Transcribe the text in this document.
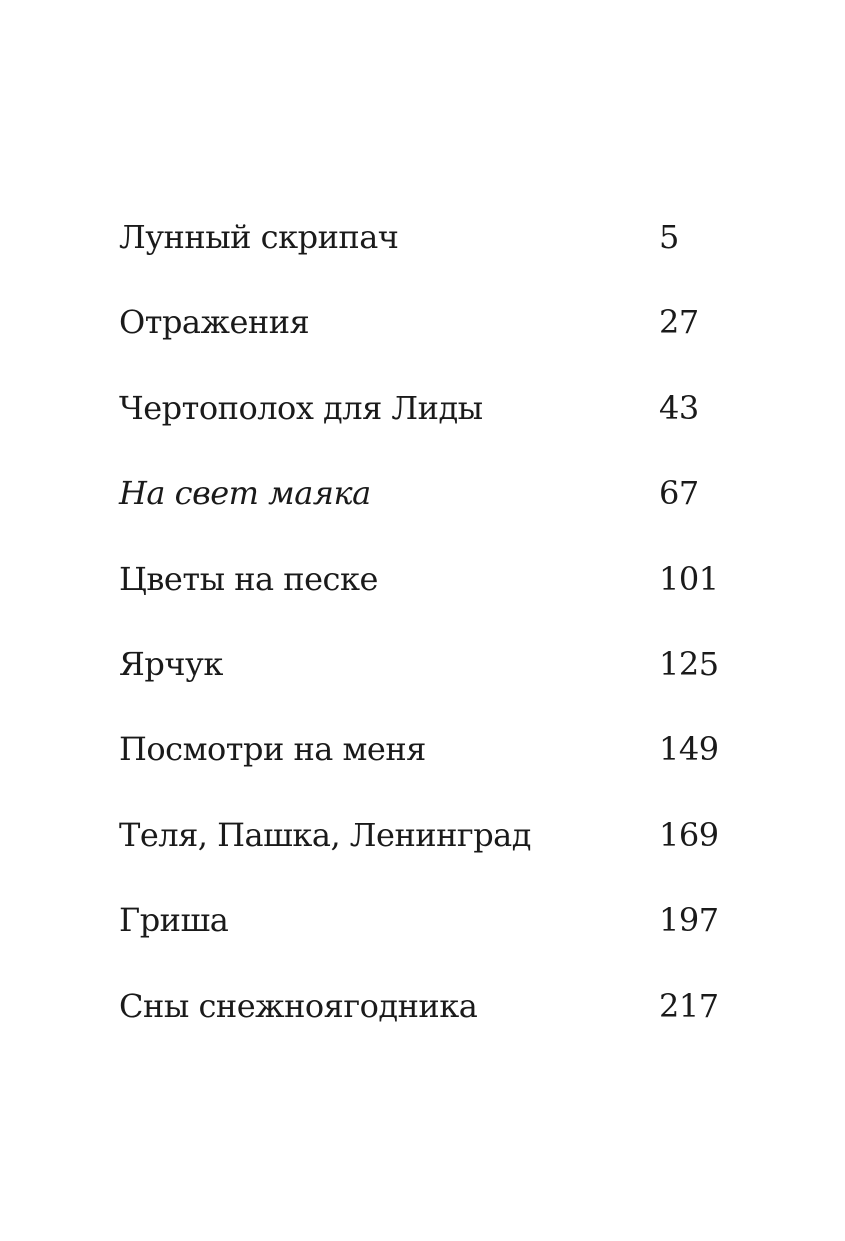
Лунный скрипач	5
Отражения	27
Чертополох для Лиды	43
На свет маяка	67
Цветы на песке	101
Ярчук	125
Посмотри на меня	149
Теля, Пашка, Ленинград	169
Гриша	197
Сны снежноягодника	217
